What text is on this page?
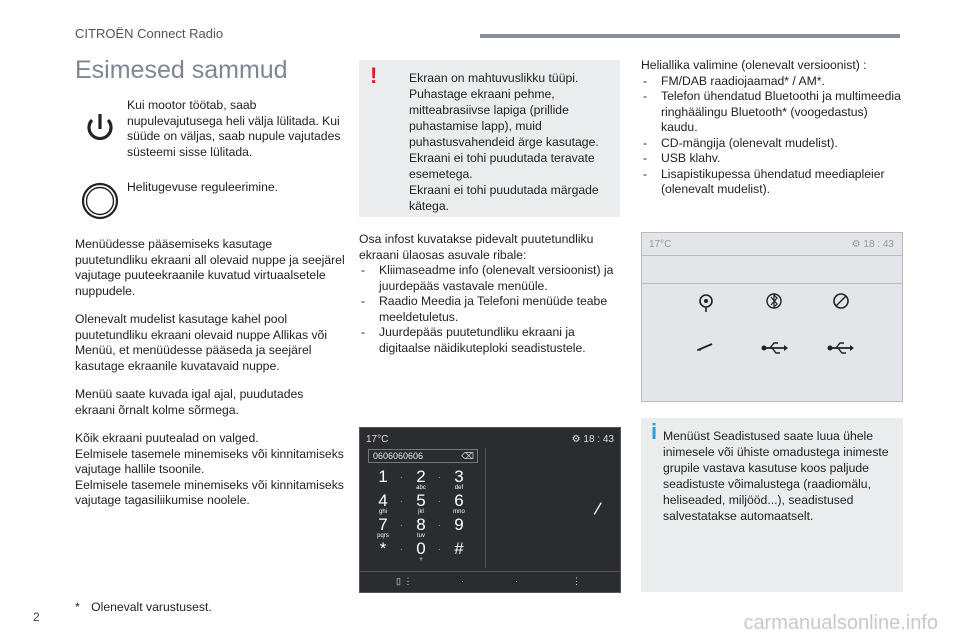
CITROËN Connect Radio
Esimesed sammud
Kui mootor töötab, saab nupulevajutusega heli välja lülitada. Kui süüde on väljas, saab nupule vajutades süsteemi sisse lülitada.
Helitugevuse reguleerimine.

Menüüdesse pääsemiseks kasutage puutetundliku ekraani all olevaid nuppe ja seejärel vajutage puuteekraanile kuvatud virtuaalsetele nuppudele.

Olenevalt mudelist kasutage kahel pool puutetundliku ekraani olevaid nuppe Allikas või Menüü, et menüüdesse pääseda ja seejärel kasutage ekraanile kuvatavaid nuppe.

Menüü saate kuvada igal ajal, puudutades ekraani õrnalt kolme sõrmega.

Kõik ekraani puutealad on valged.
Eelmisele tasemele minemiseks või kinnitamiseks vajutage hallile tsoonile.
Eelmisele tasemele minemiseks või kinnitamiseks vajutage tagasiliikumise noolele.

* Olenevalt varustusest.
!	Ekraan on mahtuvuslikku tüüpi.
Puhastage ekraani pehme, mitteabrasiivse lapiga (prillide puhastamise lapp), muid puhastusvahendeid ärge kasutage.
Ekraani ei tohi puudutada teravate esemetega.
Ekraani ei tohi puudutada märgade kätega.
Osa infost kuvatakse pidevalt puutetundliku ekraani ülaosas asuvale ribale:
- Kliimaseadme info (olenevalt versioonist) ja juurdepääs vastavale menüüle.
- Raadio Meedia ja Telefoni menüüde teabe meeldetuletus.
- Juurdepääs puutetundliku ekraani ja digitaalse näidikuteploki seadistustele.
17°C	⚙ 18 : 43
0606060606	⌫
1	· 2
abc
· 3
def
4
ghi
· 5
jkl
· 6
mno
7
pqrs
· 8
tuv
· 9
*	· 0
+
· #
/
▯ ⋮	·	·	⋮
Heliallika valimine (olenevalt versioonist) :
- FM/DAB raadiojaamad* / AM*.
- Telefon ühendatud Bluetoothi ja multimeedia ringhäälingu Bluetooth* (voogedastus) kaudu.
- CD-mängija (olenevalt mudelist).
- USB klahv.
- Lisapistikupessa ühendatud meediapleier (olenevalt mudelist).
17°C	⚙ 18 : 43
i Menüüst Seadistused saate luua ühele inimesele või ühiste omadustega inimeste grupile vastava kasutuse koos paljude seadistuste võimalustega (raadiomälu, heliseaded, miljööd...), seadistused salvestatakse automaatselt.
2	carmanualsonline.info
